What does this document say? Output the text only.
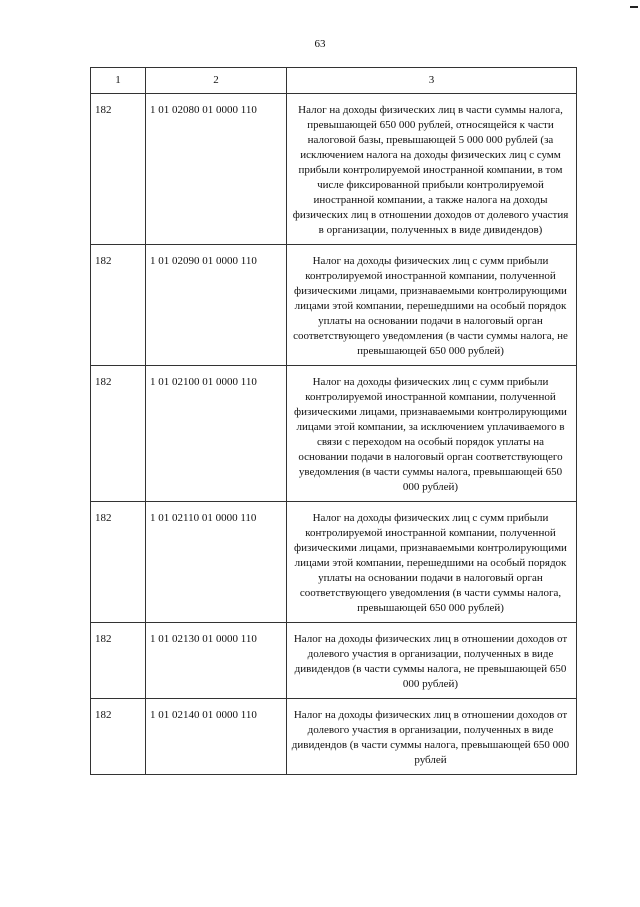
63
1	2	3
182	1 01 02080 01 0000 110	Налог на доходы физических лиц в части суммы налога, превышающей 650 000 рублей, относящейся к части налоговой базы, превышающей 5 000 000 рублей (за исключением налога на доходы физических лиц с сумм прибыли контролируемой иностранной компании, в том числе фиксированной прибыли контролируемой иностранной компании, а также налога на доходы физических лиц в отношении доходов от долевого участия в организации, полученных в виде дивидендов)
182	1 01 02090 01 0000 110	Налог на доходы физических лиц с сумм прибыли контролируемой иностранной компании, полученной физическими лицами, признаваемыми контролирующими лицами этой компании, перешедшими на особый порядок уплаты на основании подачи в налоговый орган соответствующего уведомления (в части суммы налога, не превышающей 650 000 рублей)
182	1 01 02100 01 0000 110	Налог на доходы физических лиц с сумм прибыли контролируемой иностранной компании, полученной физическими лицами, признаваемыми контролирующими лицами этой компании, за исключением уплачиваемого в связи с переходом на особый порядок уплаты на основании подачи в налоговый орган соответствующего уведомления (в части суммы налога, превышающей 650 000 рублей)
182	1 01 02110 01 0000 110	Налог на доходы физических лиц с сумм прибыли контролируемой иностранной компании, полученной физическими лицами, признаваемыми контролирующими лицами этой компании, перешедшими на особый порядок уплаты на основании подачи в налоговый орган соответствующего уведомления (в части суммы налога, превышающей 650 000 рублей)
182	1 01 02130 01 0000 110	Налог на доходы физических лиц в отношении доходов от долевого участия в организации, полученных в виде дивидендов (в части суммы налога, не превышающей 650 000 рублей)
182	1 01 02140 01 0000 110	Налог на доходы физических лиц в отношении доходов от долевого участия в организации, полученных в виде дивидендов (в части суммы налога, превышающей 650 000 рублей
